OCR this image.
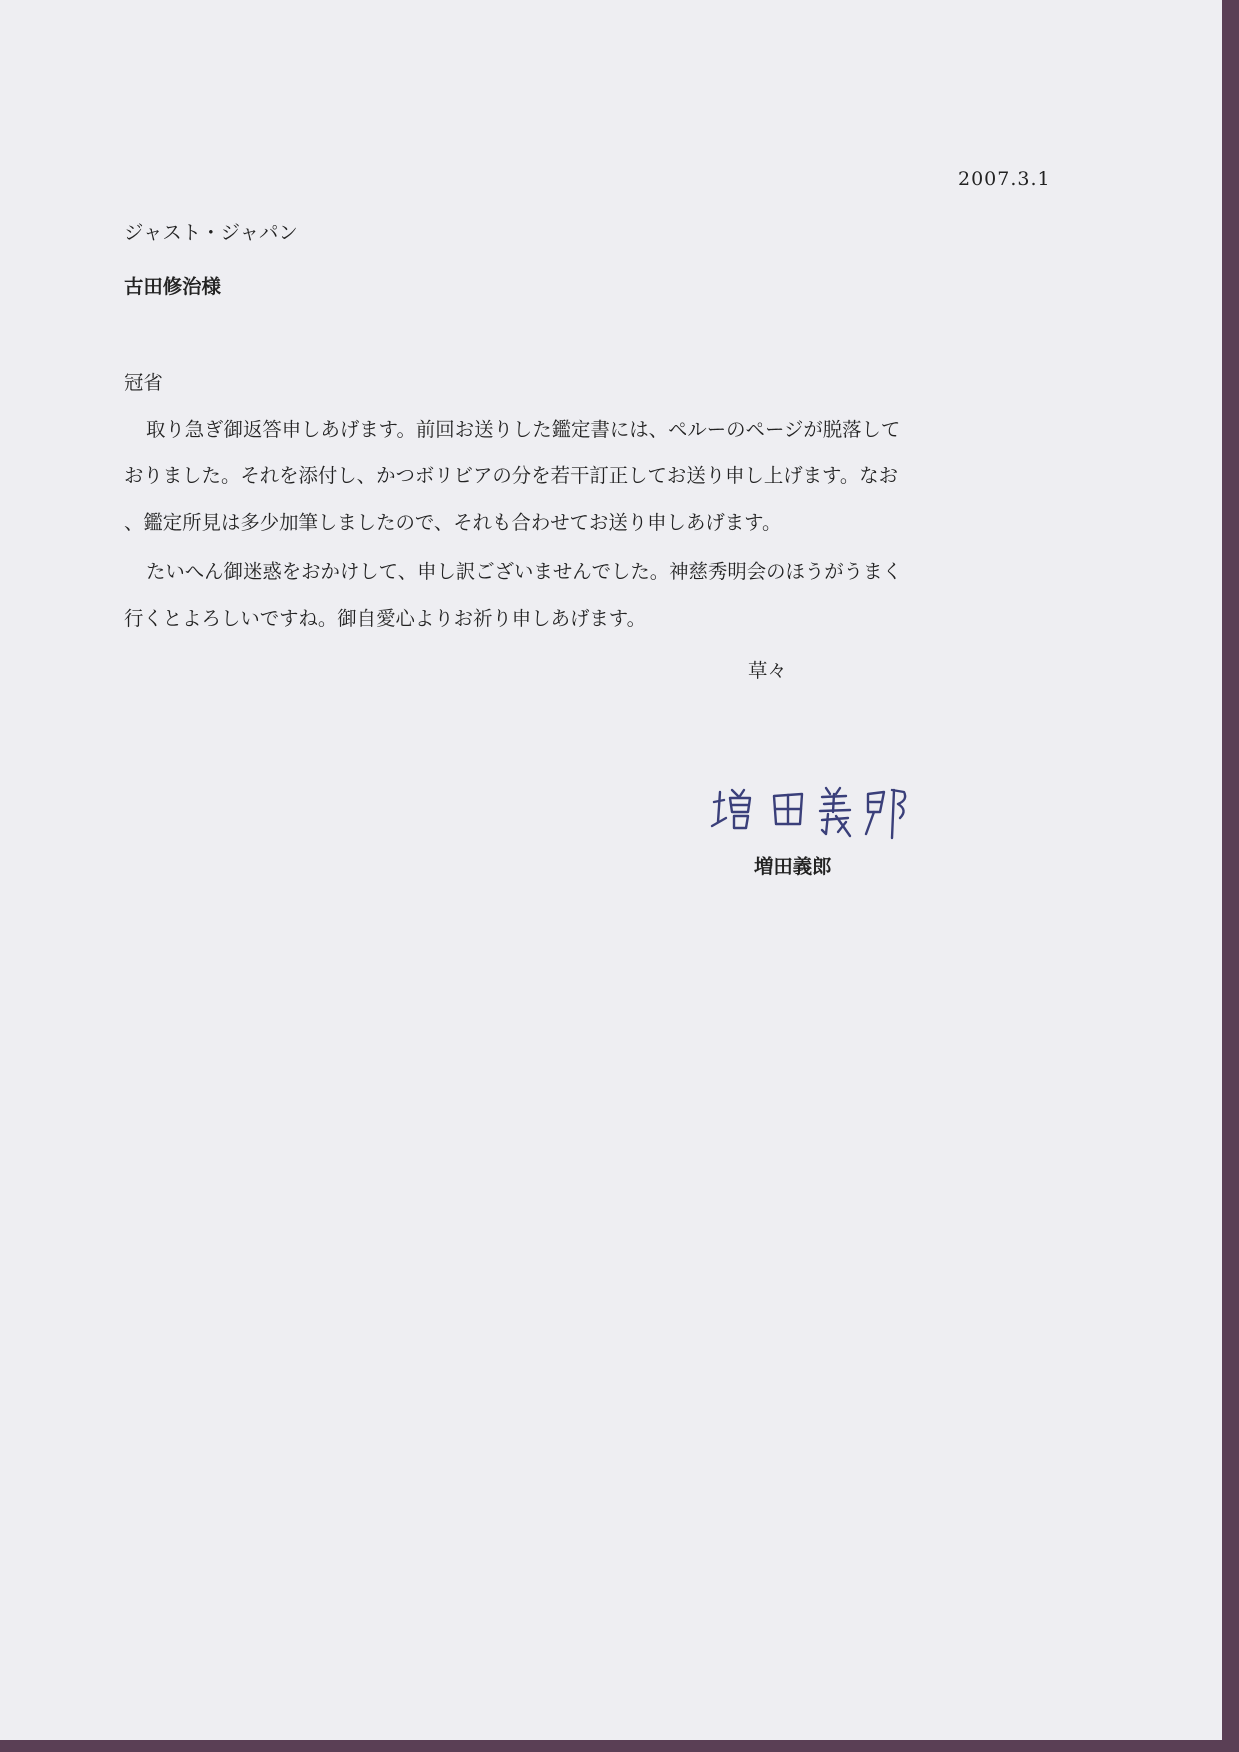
2007.3.1
ジャスト・ジャパン
古田修治様
冠省
取り急ぎ御返答申しあげます。前回お送りした鑑定書には、ペルーのページが脱落して
おりました。それを添付し、かつボリビアの分を若干訂正してお送り申し上げます。なお
、鑑定所見は多少加筆しましたので、それも合わせてお送り申しあげます。
たいへん御迷惑をおかけして、申し訳ございませんでした。神慈秀明会のほうがうまく
行くとよろしいですね。御自愛心よりお祈り申しあげます。
草々
増田義郎
